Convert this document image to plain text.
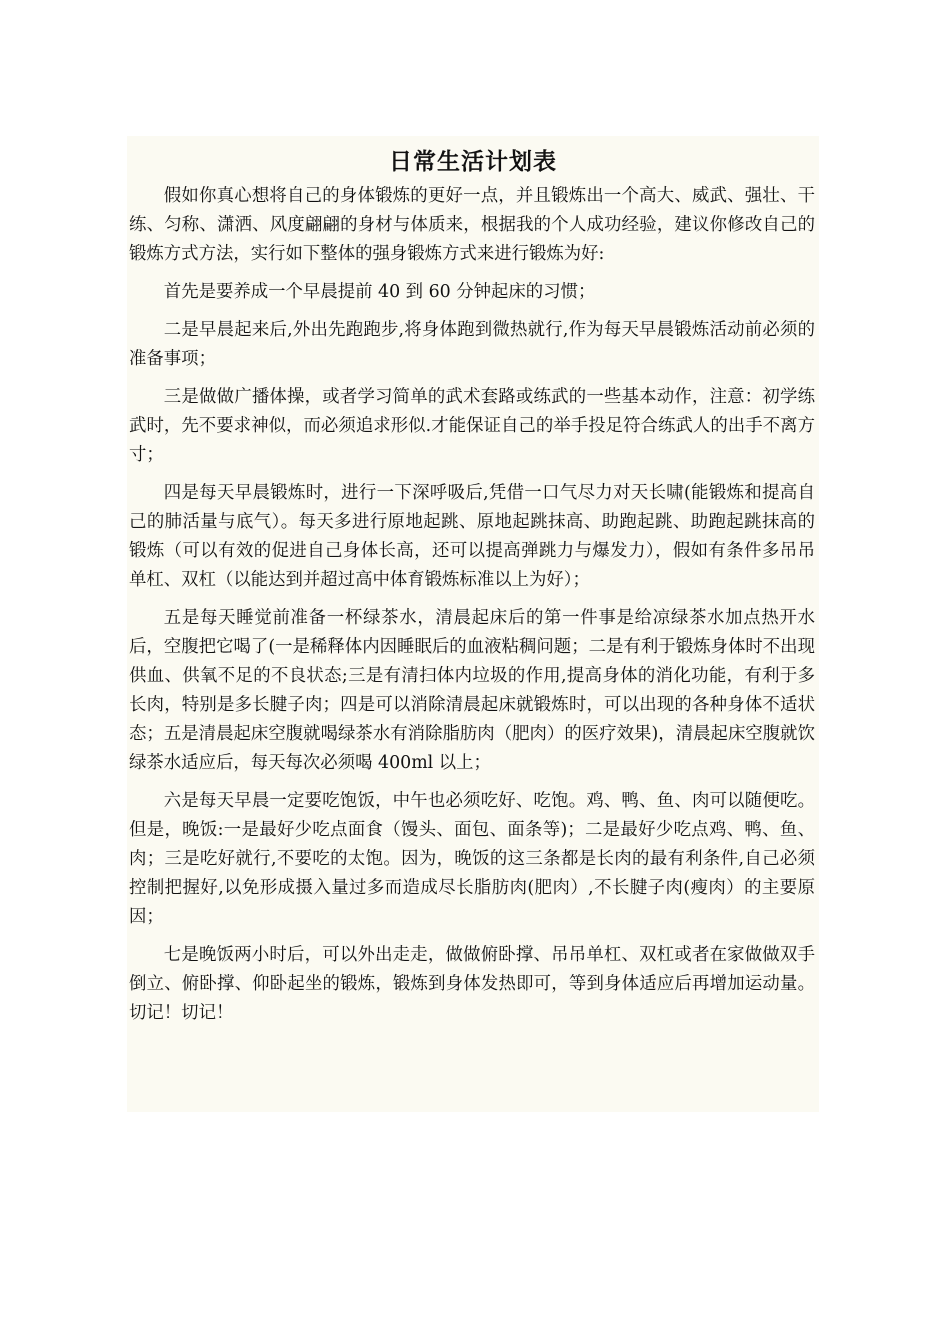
日常生活计划表

假如你真心想将自己的身体锻炼的更好一点，并且锻炼出一个高大、威武、强壮、干练、匀称、潇洒、风度翩翩的身材与体质来，根据我的个人成功经验，建议你修改自己的锻炼方式方法，实行如下整体的强身锻炼方式来进行锻炼为好:

首先是要养成一个早晨提前 40 到 60 分钟起床的习惯；

二是早晨起来后,外出先跑跑步,将身体跑到微热就行,作为每天早晨锻炼活动前必须的准备事项；

三是做做广播体操，或者学习简单的武术套路或练武的一些基本动作，注意：初学练武时，先不要求神似，而必须追求形似.才能保证自己的举手投足符合练武人的出手不离方寸；

四是每天早晨锻炼时，进行一下深呼吸后,凭借一口气尽力对天长啸(能锻炼和提高自己的肺活量与底气）。每天多进行原地起跳、原地起跳抹高、助跑起跳、助跑起跳抹高的锻炼（可以有效的促进自己身体长高，还可以提高弹跳力与爆发力），假如有条件多吊吊单杠、双杠（以能达到并超过高中体育锻炼标准以上为好）；

五是每天睡觉前准备一杯绿茶水，清晨起床后的第一件事是给凉绿茶水加点热开水后，空腹把它喝了(一是稀释体内因睡眠后的血液粘稠问题；二是有利于锻炼身体时不出现供血、供氧不足的不良状态;三是有清扫体内垃圾的作用,提高身体的消化功能，有利于多长肉，特别是多长腱子肉；四是可以消除清晨起床就锻炼时，可以出现的各种身体不适状态；五是清晨起床空腹就喝绿茶水有消除脂肪肉（肥肉）的医疗效果)，清晨起床空腹就饮绿茶水适应后，每天每次必须喝 400ml 以上；

六是每天早晨一定要吃饱饭，中午也必须吃好、吃饱。鸡、鸭、鱼、肉可以随便吃。但是，晚饭:一是最好少吃点面食（馒头、面包、面条等)；二是最好少吃点鸡、鸭、鱼、肉；三是吃好就行,不要吃的太饱。因为，晚饭的这三条都是长肉的最有利条件,自己必须控制把握好,以免形成摄入量过多而造成尽长脂肪肉(肥肉）,不长腱子肉(瘦肉）的主要原因；

七是晚饭两小时后，可以外出走走，做做俯卧撑、吊吊单杠、双杠或者在家做做双手倒立、俯卧撑、仰卧起坐的锻炼，锻炼到身体发热即可，等到身体适应后再增加运动量。切记！切记！
